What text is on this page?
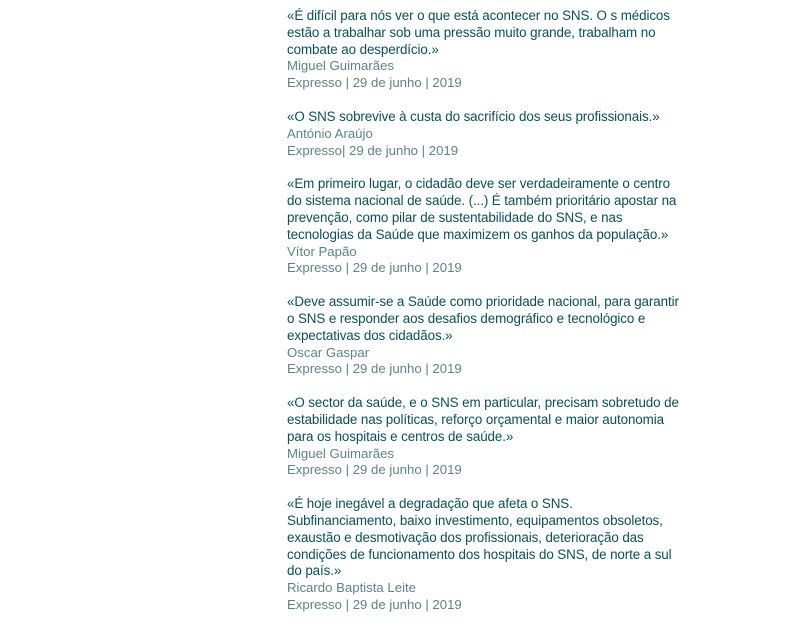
«É difícil para nós ver o que está acontecer no SNS. O s médicos estão a trabalhar sob uma pressão muito grande, trabalham no combate ao desperdício.»
Miguel Guimarães
Expresso | 29 de junho | 2019
«O SNS sobrevive à custa do sacrifício dos seus profissionais.»
António Araújo
Expresso| 29 de junho | 2019
«Em primeiro lugar, o cidadão deve ser verdadeiramente o centro do sistema nacional de saúde. (...) É também prioritário apostar na prevenção, como pilar de sustentabilidade do SNS, e nas tecnologias da Saúde que maximizem os ganhos da população.»
Vítor Papão
Expresso | 29 de junho | 2019
«Deve assumir-se a Saúde como prioridade nacional, para garantir o SNS e responder aos desafios demográfico e tecnológico e expectativas dos cidadãos.»
Oscar Gaspar
Expresso | 29 de junho | 2019
«O sector da saúde, e o SNS em particular, precisam sobretudo de estabilidade nas políticas, reforço orçamental e maior autonomia para os hospitais e centros de saúde.»
Miguel Guimarães
Expresso | 29 de junho | 2019
«É hoje inegável a degradação que afeta o SNS. Subfinanciamento, baixo investimento, equipamentos obsoletos, exaustão e desmotivação dos profissionais, deterioração das condições de funcionamento dos hospitais do SNS, de norte a sul do país.»
Ricardo Baptista Leite
Expresso | 29 de junho | 2019
